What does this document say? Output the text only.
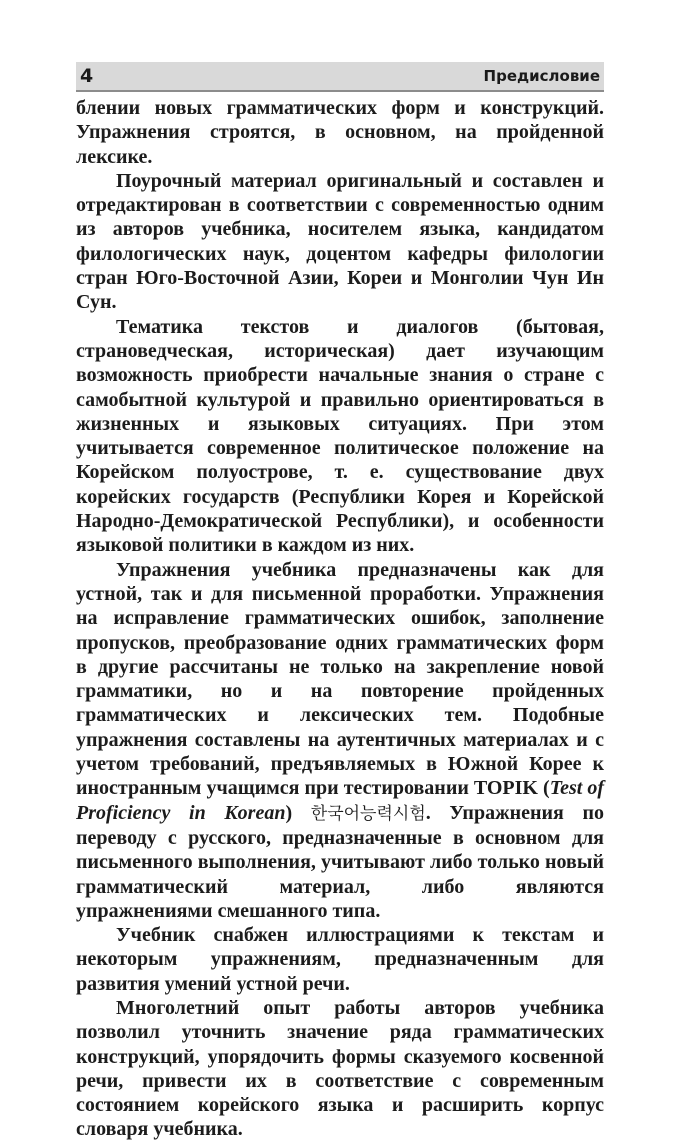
4	Предисловие

блении новых грамматических форм и конструкций. Упражнения строятся, в основном, на пройденной лексике.

Поурочный материал оригинальный и составлен и отредактирован в соответствии с современностью одним из авторов учебника, носителем языка, кандидатом филологических наук, доцентом кафедры филологии стран Юго-Восточной Азии, Кореи и Монголии Чун Ин Сун.

Тематика текстов и диалогов (бытовая, страноведческая, историческая) дает изучающим возможность приобрести начальные знания о стране с самобытной культурой и правильно ориентироваться в жизненных и языковых ситуациях. При этом учитывается современное политическое положение на Корейском полуострове, т. е. существование двух корейских государств (Республики Корея и Корейской Народно-Демократической Республики), и особенности языковой политики в каждом из них.

Упражнения учебника предназначены как для устной, так и для письменной проработки. Упражнения на исправление грамматических ошибок, заполнение пропусков, преобразование одних грамматических форм в другие рассчитаны не только на закрепление новой грамматики, но и на повторение пройденных грамматических и лексических тем. Подобные упражнения составлены на аутентичных материалах и с учетом требований, предъявляемых в Южной Корее к иностранным учащимся при тестировании TOPIK (Test of Proficiency in Korean) 한국어능력시험. Упражнения по переводу с русского, предназначенные в основном для письменного выполнения, учитывают либо только новый грамматический материал, либо являются упражнениями смешанного типа.

Учебник снабжен иллюстрациями к текстам и некоторым упражнениям, предназначенным для развития умений устной речи.

Многолетний опыт работы авторов учебника позволил уточнить значение ряда грамматических конструкций, упорядочить формы сказуемого косвенной речи, привести их в соответствие с современным состоянием корейского языка и расширить корпус словаря учебника.
